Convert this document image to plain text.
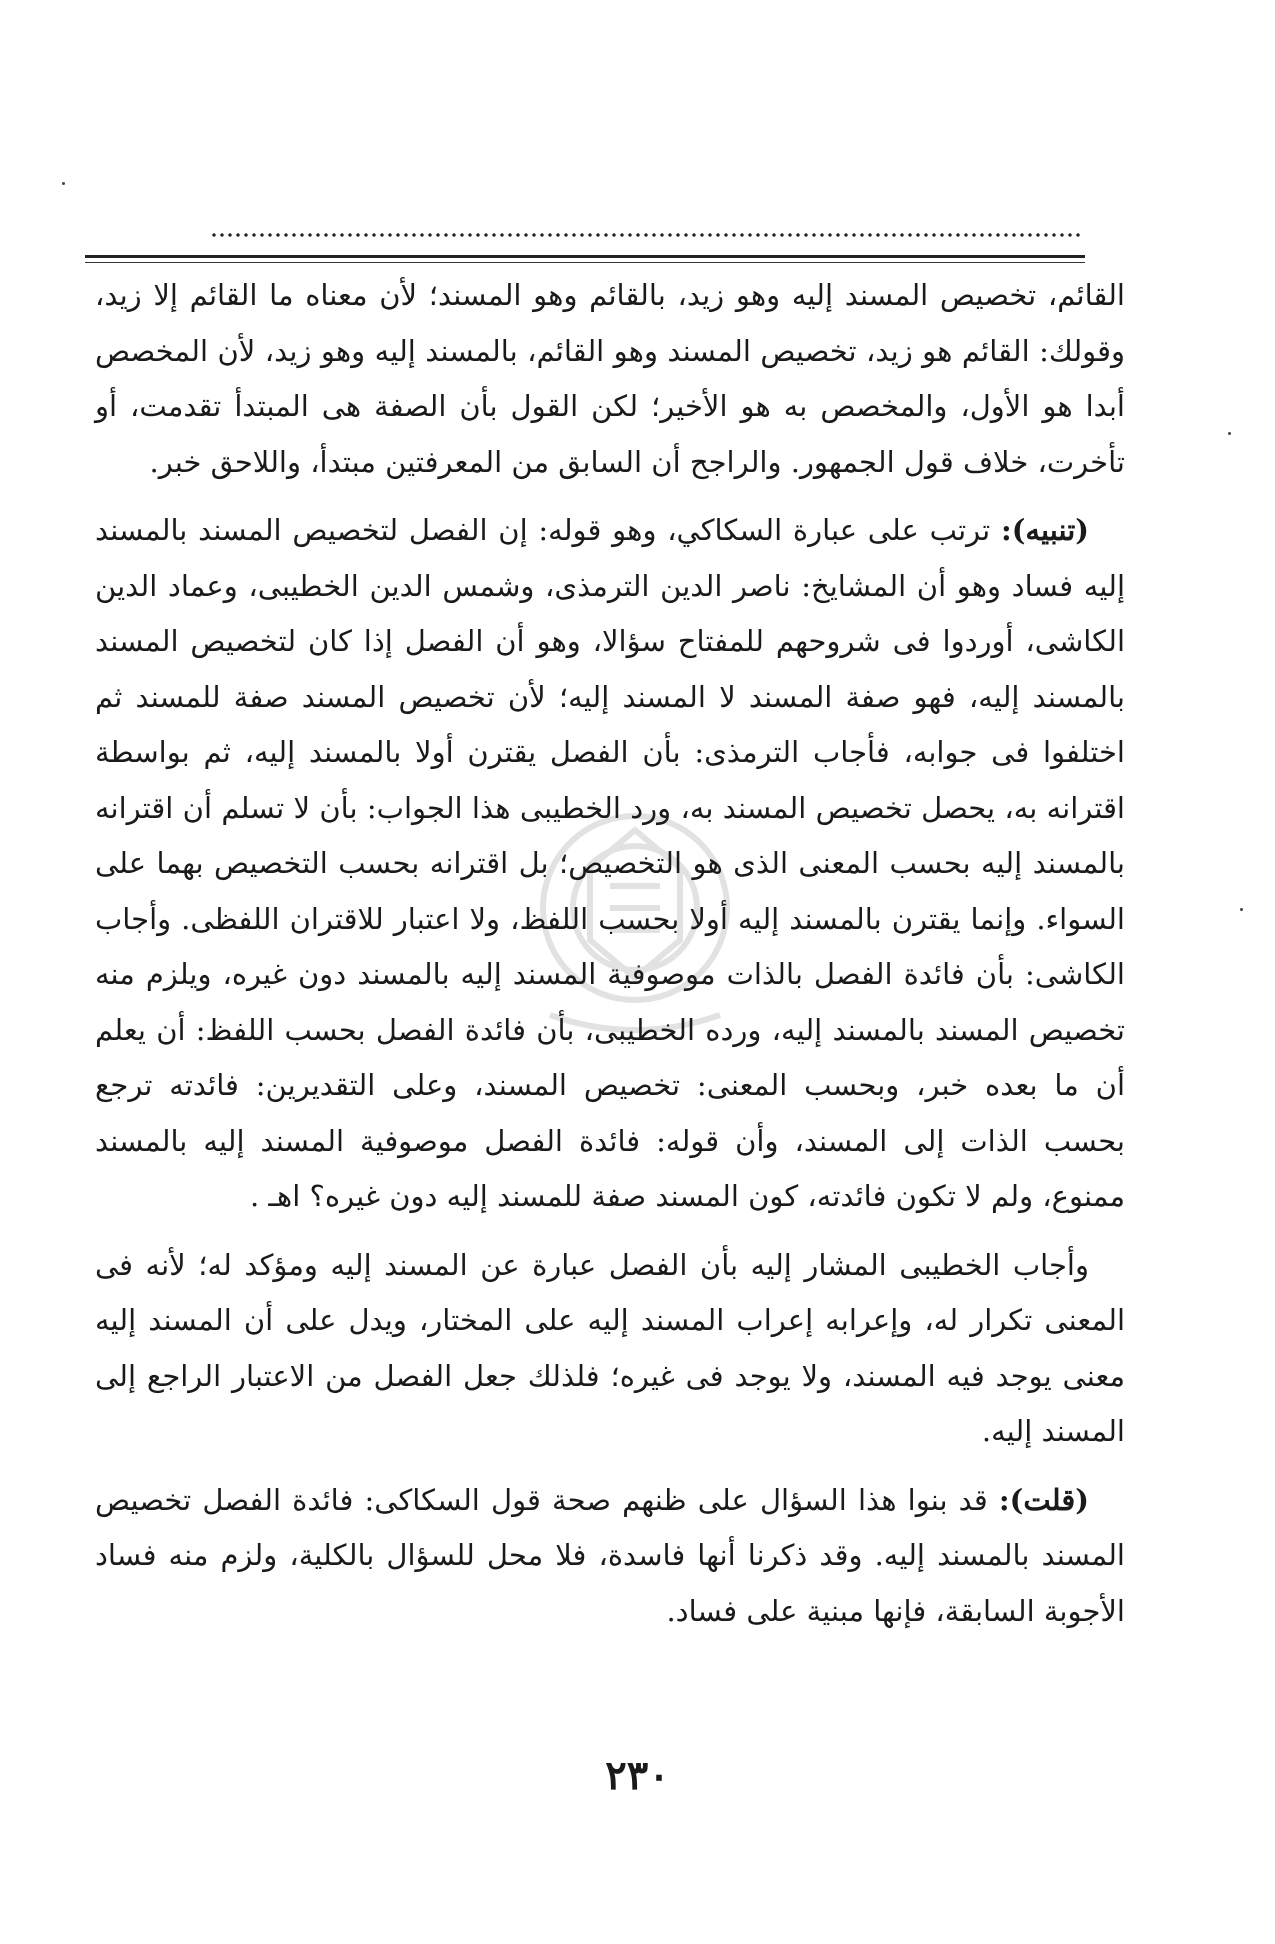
القائم، تخصيص المسند إليه وهو زيد، بالقائم وهو المسند؛ لأن معناه ما القائم إلا زيد، وقولك: القائم هو زيد، تخصيص المسند وهو القائم، بالمسند إليه وهو زيد، لأن المخصص أبدا هو الأول، والمخصص به هو الأخير؛ لكن القول بأن الصفة هى المبتدأ تقدمت، أو تأخرت، خلاف قول الجمهور. والراجح أن السابق من المعرفتين مبتدأ، واللاحق خبر.

(تنبيه): ترتب على عبارة السكاكي، وهو قوله: إن الفصل لتخصيص المسند بالمسند إليه فساد وهو أن المشايخ: ناصر الدين الترمذى، وشمس الدين الخطيبى، وعماد الدين الكاشى، أوردوا فى شروحهم للمفتاح سؤالا، وهو أن الفصل إذا كان لتخصيص المسند بالمسند إليه، فهو صفة المسند لا المسند إليه؛ لأن تخصيص المسند صفة للمسند ثم اختلفوا فى جوابه، فأجاب الترمذى: بأن الفصل يقترن أولا بالمسند إليه، ثم بواسطة اقترانه به، يحصل تخصيص المسند به، ورد الخطيبى هذا الجواب: بأن لا تسلم أن اقترانه بالمسند إليه بحسب المعنى الذى هو التخصيص؛ بل اقترانه بحسب التخصيص بهما على السواء. وإنما يقترن بالمسند إليه أولا بحسب اللفظ، ولا اعتبار للاقتران اللفظى. وأجاب الكاشى: بأن فائدة الفصل بالذات موصوفية المسند إليه بالمسند دون غيره، ويلزم منه تخصيص المسند بالمسند إليه، ورده الخطيبى، بأن فائدة الفصل بحسب اللفظ: أن يعلم أن ما بعده خبر، وبحسب المعنى: تخصيص المسند، وعلى التقديرين: فائدته ترجع بحسب الذات إلى المسند، وأن قوله: فائدة الفصل موصوفية المسند إليه بالمسند ممنوع، ولم لا تكون فائدته، كون المسند صفة للمسند إليه دون غيره؟ اهـ .

وأجاب الخطيبى المشار إليه بأن الفصل عبارة عن المسند إليه ومؤكد له؛ لأنه فى المعنى تكرار له، وإعرابه إعراب المسند إليه على المختار، ويدل على أن المسند إليه معنى يوجد فيه المسند، ولا يوجد فى غيره؛ فلذلك جعل الفصل من الاعتبار الراجع إلى المسند إليه.

(قلت): قد بنوا هذا السؤال على ظنهم صحة قول السكاكى: فائدة الفصل تخصيص المسند بالمسند إليه. وقد ذكرنا أنها فاسدة، فلا محل للسؤال بالكلية، ولزم منه فساد الأجوبة السابقة، فإنها مبنية على فساد.

٢٣٠
